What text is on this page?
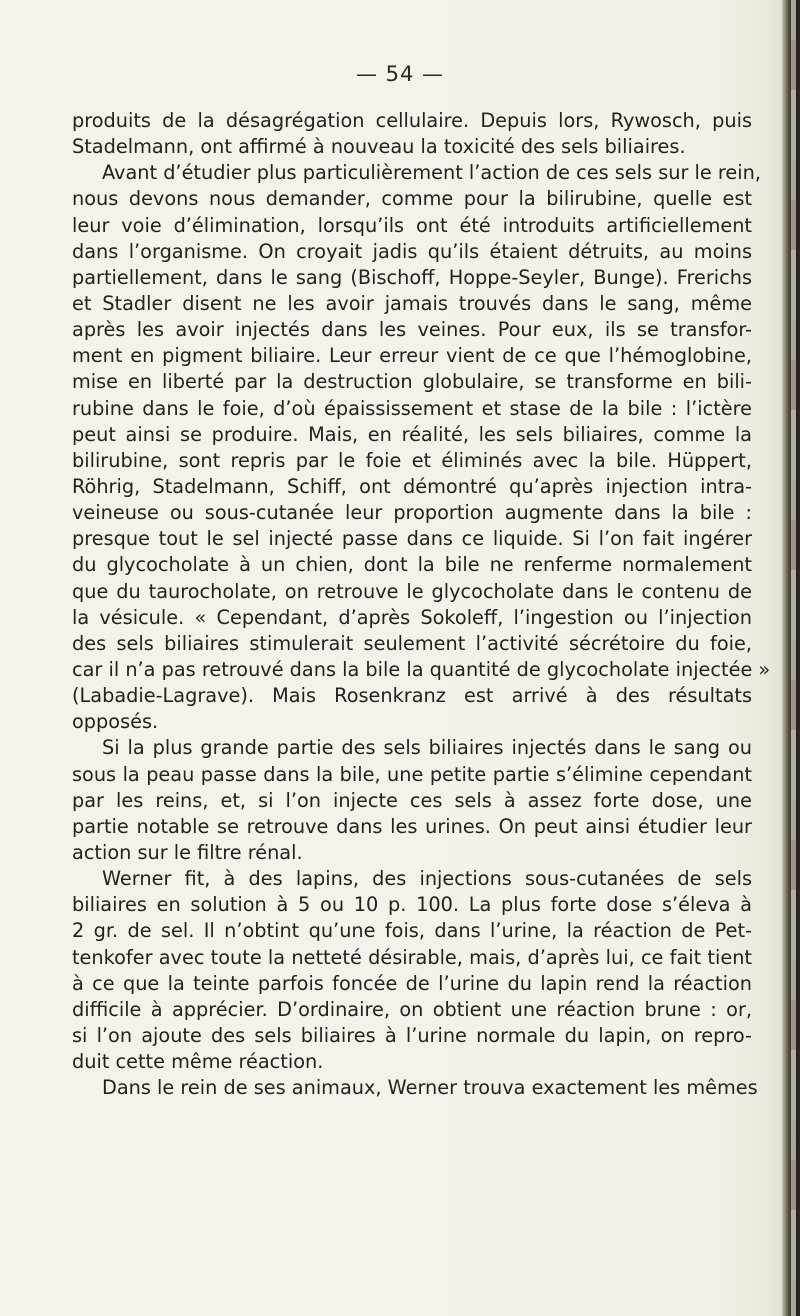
— 54 —
produits de la désagrégation cellulaire. Depuis lors, Rywosch, puis
Stadelmann, ont affirmé à nouveau la toxicité des sels biliaires.
Avant d’étudier plus particulièrement l’action de ces sels sur le rein,
nous devons nous demander, comme pour la bilirubine, quelle est
leur voie d’élimination, lorsqu’ils ont été introduits artificiellement
dans l’organisme. On croyait jadis qu’ils étaient détruits, au moins
partiellement, dans le sang (Bischoff, Hoppe-Seyler, Bunge). Frerichs
et Stadler disent ne les avoir jamais trouvés dans le sang, même
après les avoir injectés dans les veines. Pour eux, ils se transfor-
ment en pigment biliaire. Leur erreur vient de ce que l’hémoglobine,
mise en liberté par la destruction globulaire, se transforme en bili-
rubine dans le foie, d’où épaississement et stase de la bile : l’ictère
peut ainsi se produire. Mais, en réalité, les sels biliaires, comme la
bilirubine, sont repris par le foie et éliminés avec la bile. Hüppert,
Röhrig, Stadelmann, Schiff, ont démontré qu’après injection intra-
veineuse ou sous-cutanée leur proportion augmente dans la bile :
presque tout le sel injecté passe dans ce liquide. Si l’on fait ingérer
du glycocholate à un chien, dont la bile ne renferme normalement
que du taurocholate, on retrouve le glycocholate dans le contenu de
la vésicule. « Cependant, d’après Sokoleff, l’ingestion ou l’injection
des sels biliaires stimulerait seulement l’activité sécrétoire du foie,
car il n’a pas retrouvé dans la bile la quantité de glycocholate injectée »
(Labadie-Lagrave). Mais Rosenkranz est arrivé à des résultats
opposés.
Si la plus grande partie des sels biliaires injectés dans le sang ou
sous la peau passe dans la bile, une petite partie s’élimine cependant
par les reins, et, si l’on injecte ces sels à assez forte dose, une
partie notable se retrouve dans les urines. On peut ainsi étudier leur
action sur le filtre rénal.
Werner fit, à des lapins, des injections sous-cutanées de sels
biliaires en solution à 5 ou 10 p. 100. La plus forte dose s’éleva à
2 gr. de sel. Il n’obtint qu’une fois, dans l’urine, la réaction de Pet-
tenkofer avec toute la netteté désirable, mais, d’après lui, ce fait tient
à ce que la teinte parfois foncée de l’urine du lapin rend la réaction
difficile à apprécier. D’ordinaire, on obtient une réaction brune : or,
si l’on ajoute des sels biliaires à l’urine normale du lapin, on repro-
duit cette même réaction.
Dans le rein de ses animaux, Werner trouva exactement les mêmes
